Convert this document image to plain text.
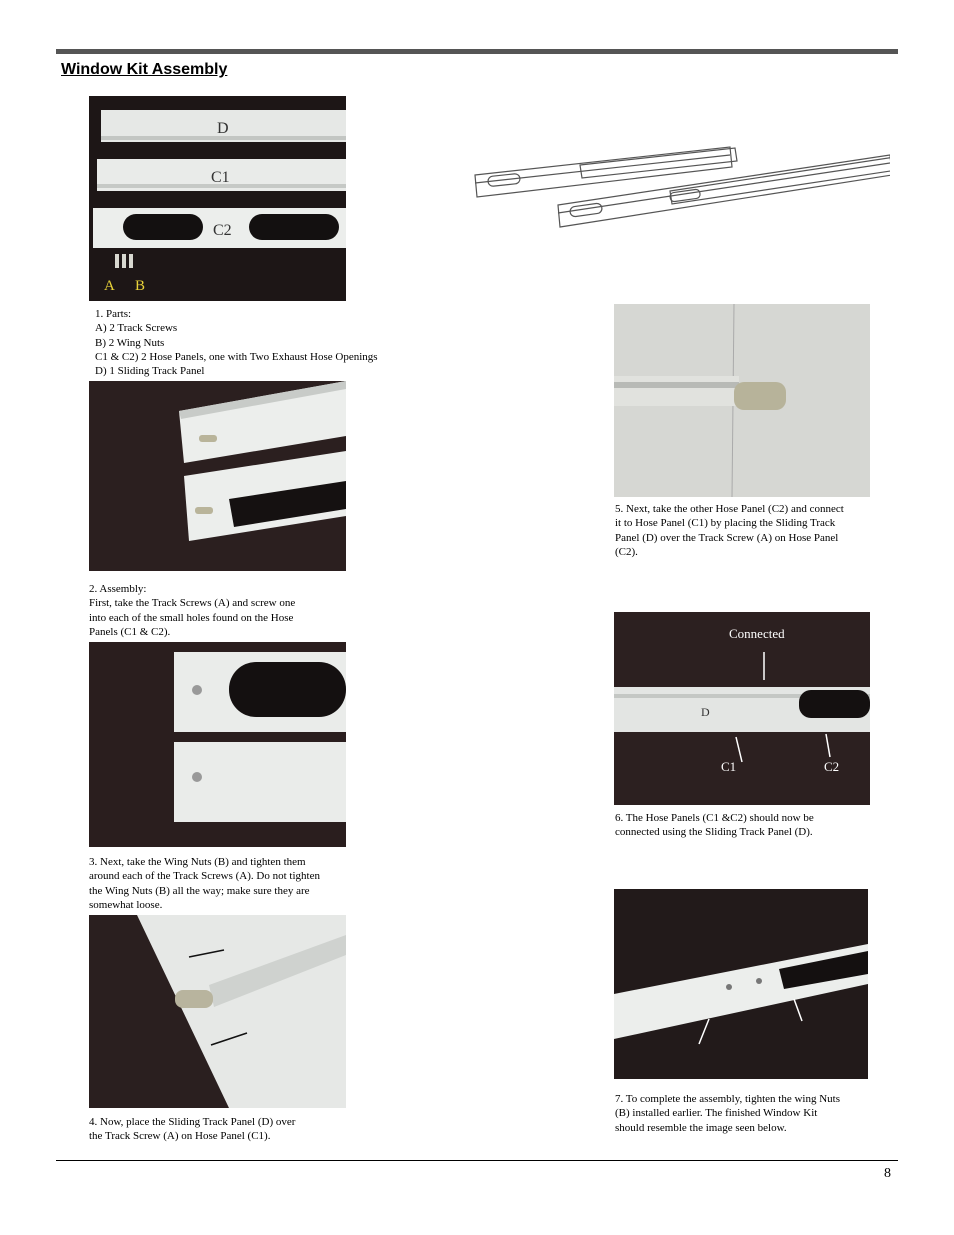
Window Kit Assembly
D
C1
C2
A B
1. Parts:
A) 2 Track Screws
B) 2 Wing Nuts
C1 & C2) 2 Hose Panels, one with Two Exhaust Hose Openings
D) 1 Sliding Track Panel
2. Assembly:
First, take the Track Screws (A) and screw one
into each of the small holes found on the Hose
Panels (C1 & C2).
3. Next, take the Wing Nuts (B) and tighten them
around each of the Track Screws (A). Do not tighten
the Wing Nuts (B) all the way; make sure they are
somewhat loose.
4. Now, place the Sliding Track Panel (D) over
the Track Screw (A) on Hose Panel (C1).
5. Next, take the other Hose Panel (C2) and connect
it to Hose Panel (C1) by placing the Sliding Track
Panel (D) over the Track Screw (A) on Hose Panel
(C2).
Connected
D
C1	C2
6. The Hose Panels (C1 &C2) should now be
connected using the Sliding Track Panel (D).
7. To complete the assembly, tighten the wing Nuts
(B) installed earlier. The finished Window Kit
should resemble the image seen below.
8
